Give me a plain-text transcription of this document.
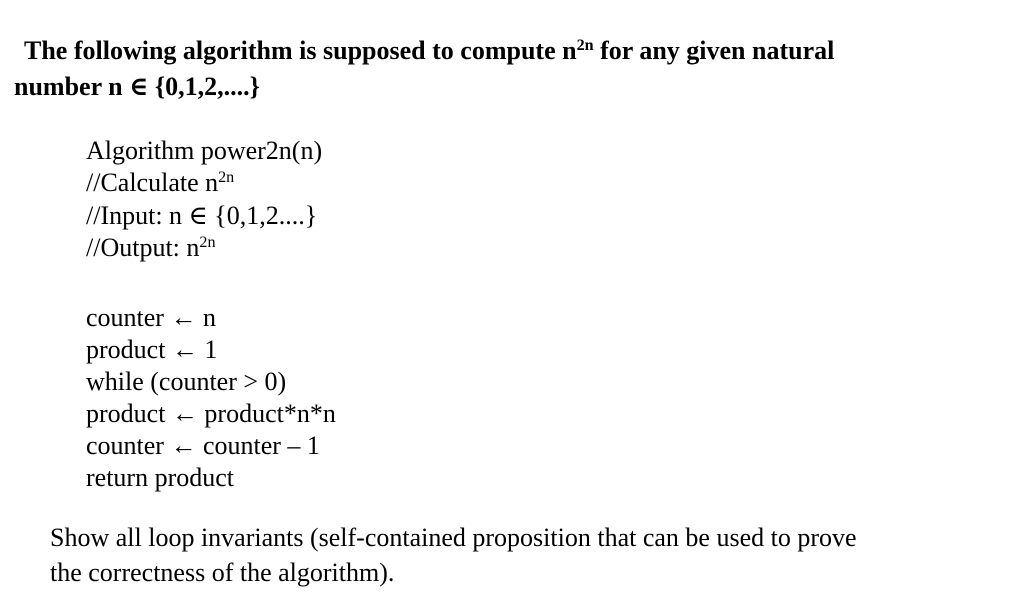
The following algorithm is supposed to compute $n^{2n}$ for any given natural
number n ∈ {0,1,2,....}
Algorithm power2n(n)
//Calculate $n^{2n}$
//Input: n ∈ {0,1,2....}
//Output: $n^{2n}$
counter ← n
product ← 1
while (counter > 0)
product ← product*n*n
counter ← counter – 1
return product
Show all loop invariants (self-contained proposition that can be used to prove
the correctness of the algorithm).
